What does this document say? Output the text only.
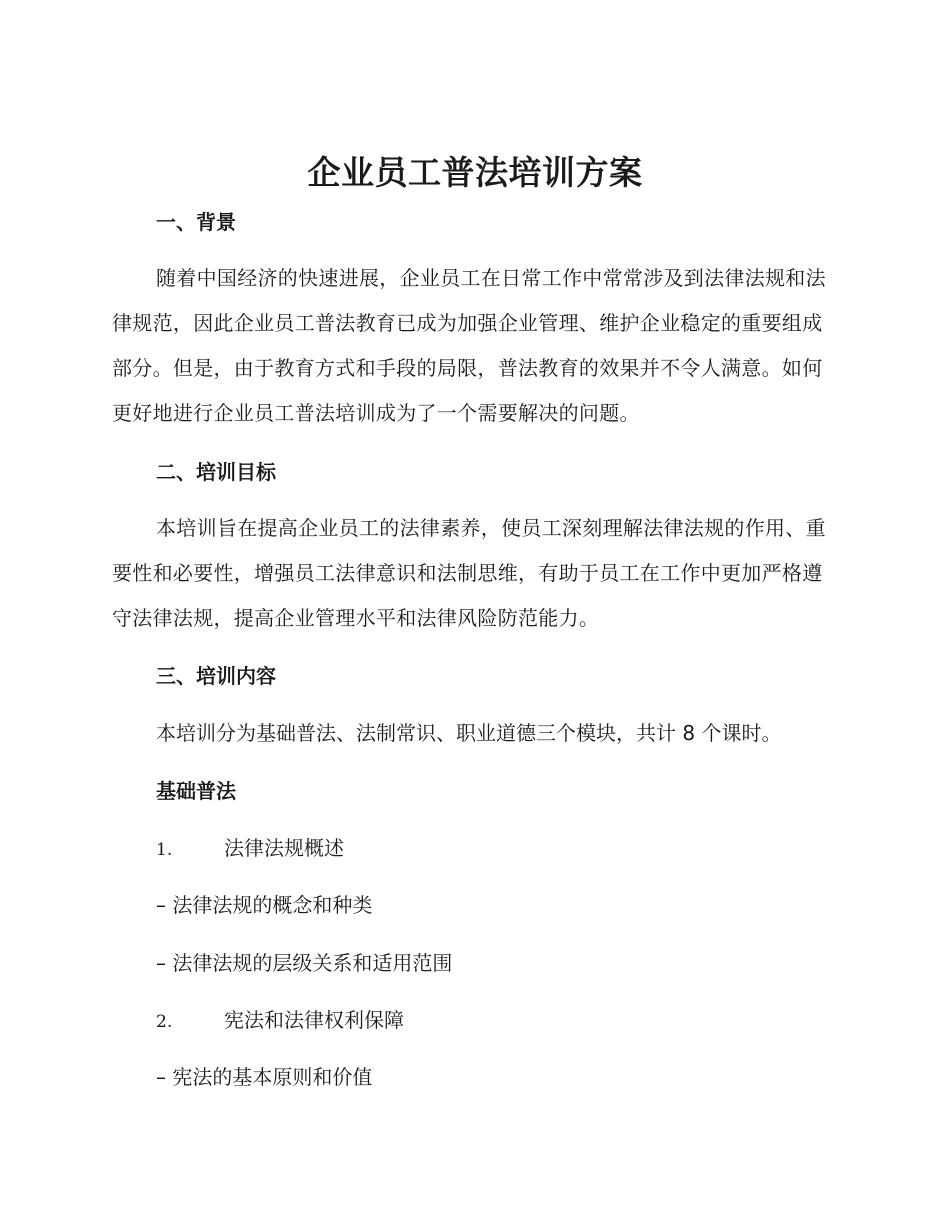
企业员工普法培训方案
一、背景

随着中国经济的快速进展，企业员工在日常工作中常常涉及到法律法规和法律规范，因此企业员工普法教育已成为加强企业管理、维护企业稳定的重要组成部分。但是，由于教育方式和手段的局限，普法教育的效果并不令人满意。如何更好地进行企业员工普法培训成为了一个需要解决的问题。

二、培训目标

本培训旨在提高企业员工的法律素养，使员工深刻理解法律法规的作用、重要性和必要性，增强员工法律意识和法制思维，有助于员工在工作中更加严格遵守法律法规，提高企业管理水平和法律风险防范能力。

三、培训内容
本培训分为基础普法、法制常识、职业道德三个模块，共计 8 个课时。
基础普法
1.	法律法规概述
– 法律法规的概念和种类
– 法律法规的层级关系和适用范围
2.	宪法和法律权利保障
– 宪法的基本原则和价值
